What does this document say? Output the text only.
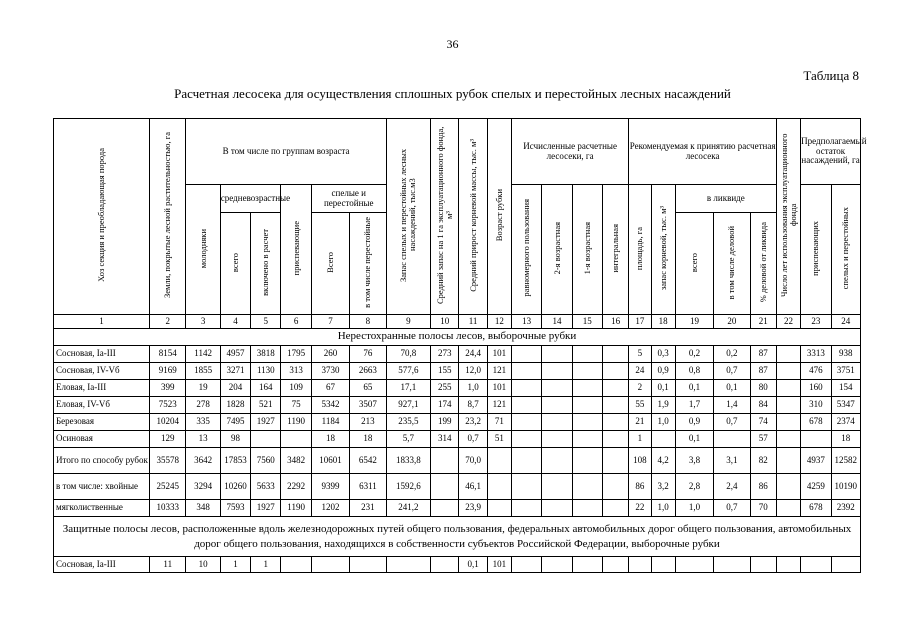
36
Таблица 8
Расчетная лесосека для осуществления сплошных рубок спелых и перестойных лесных насаждений
Хоз секция и преобладающая порода	Земли, покрытые лесной растительностью, га	В том числе по группам возраста						Запас спелых и перестойных лесных насаждений, тыс.м3	Средний запас на 1 га эксплуатационного фонда, м³	Средний прирост корневой массы, тыс. м³	Возраст рубки	Исчисленные расчетные лесосеки, га				Рекомендуемая к принятию расчетная лесосека					Число лет использования эксплуатационного фонда	Предполагаемый остаток насаждений, га	
		молодняки	средневозрастные		приспевающие	спелые и перестойные						равномерного пользования	2-я возрастная	1-я возрастная	интегральная	площадь, га	запас корневой, тыс. м³	в ликвиде				приспевающих	спелых и перестойных
			всего	включено в расчет		Всего	в том числе перестойные											всего	в том числе деловой	% деловой от ликвида			
1	2	3	4	5	6	7	8	9	10	11	12	13	14	15	16	17	18	19	20	21	22	23	24
Нерестохранные полосы лесов, выборочные рубки																							
Сосновая, Ia-III	8154	1142	4957	3818	1795	260	76	70,8	273	24,4	101					5	0,3	0,2	0,2	87		3313	938
Сосновая, IV-Vб	9169	1855	3271	1130	313	3730	2663	577,6	155	12,0	121					24	0,9	0,8	0,7	87		476	3751
Еловая, Ia-III	399	19	204	164	109	67	65	17,1	255	1,0	101					2	0,1	0,1	0,1	80		160	154
Еловая, IV-Vб	7523	278	1828	521	75	5342	3507	927,1	174	8,7	121					55	1,9	1,7	1,4	84		310	5347
Березовая	10204	335	7495	1927	1190	1184	213	235,5	199	23,2	71					21	1,0	0,9	0,7	74		678	2374
Осиновая	129	13	98			18	18	5,7	314	0,7	51					1		0,1		57			18
Итого по способу рубок	35578	3642	17853	7560	3482	10601	6542	1833,8		70,0						108	4,2	3,8	3,1	82		4937	12582
в том числе: хвойные	25245	3294	10260	5633	2292	9399	6311	1592,6		46,1						86	3,2	2,8	2,4	86		4259	10190
мягколиственные	10333	348	7593	1927	1190	1202	231	241,2		23,9						22	1,0	1,0	0,7	70		678	2392
Защитные полосы лесов, расположенные вдоль железнодорожных путей общего пользования, федеральных автомобильных дорог общего пользования, автомобильных дорог общего пользования, находящихся в собственности субъектов Российской Федерации, выборочные рубки																							
Сосновая, Ia-III	11	10	1	1						0,1	101												
